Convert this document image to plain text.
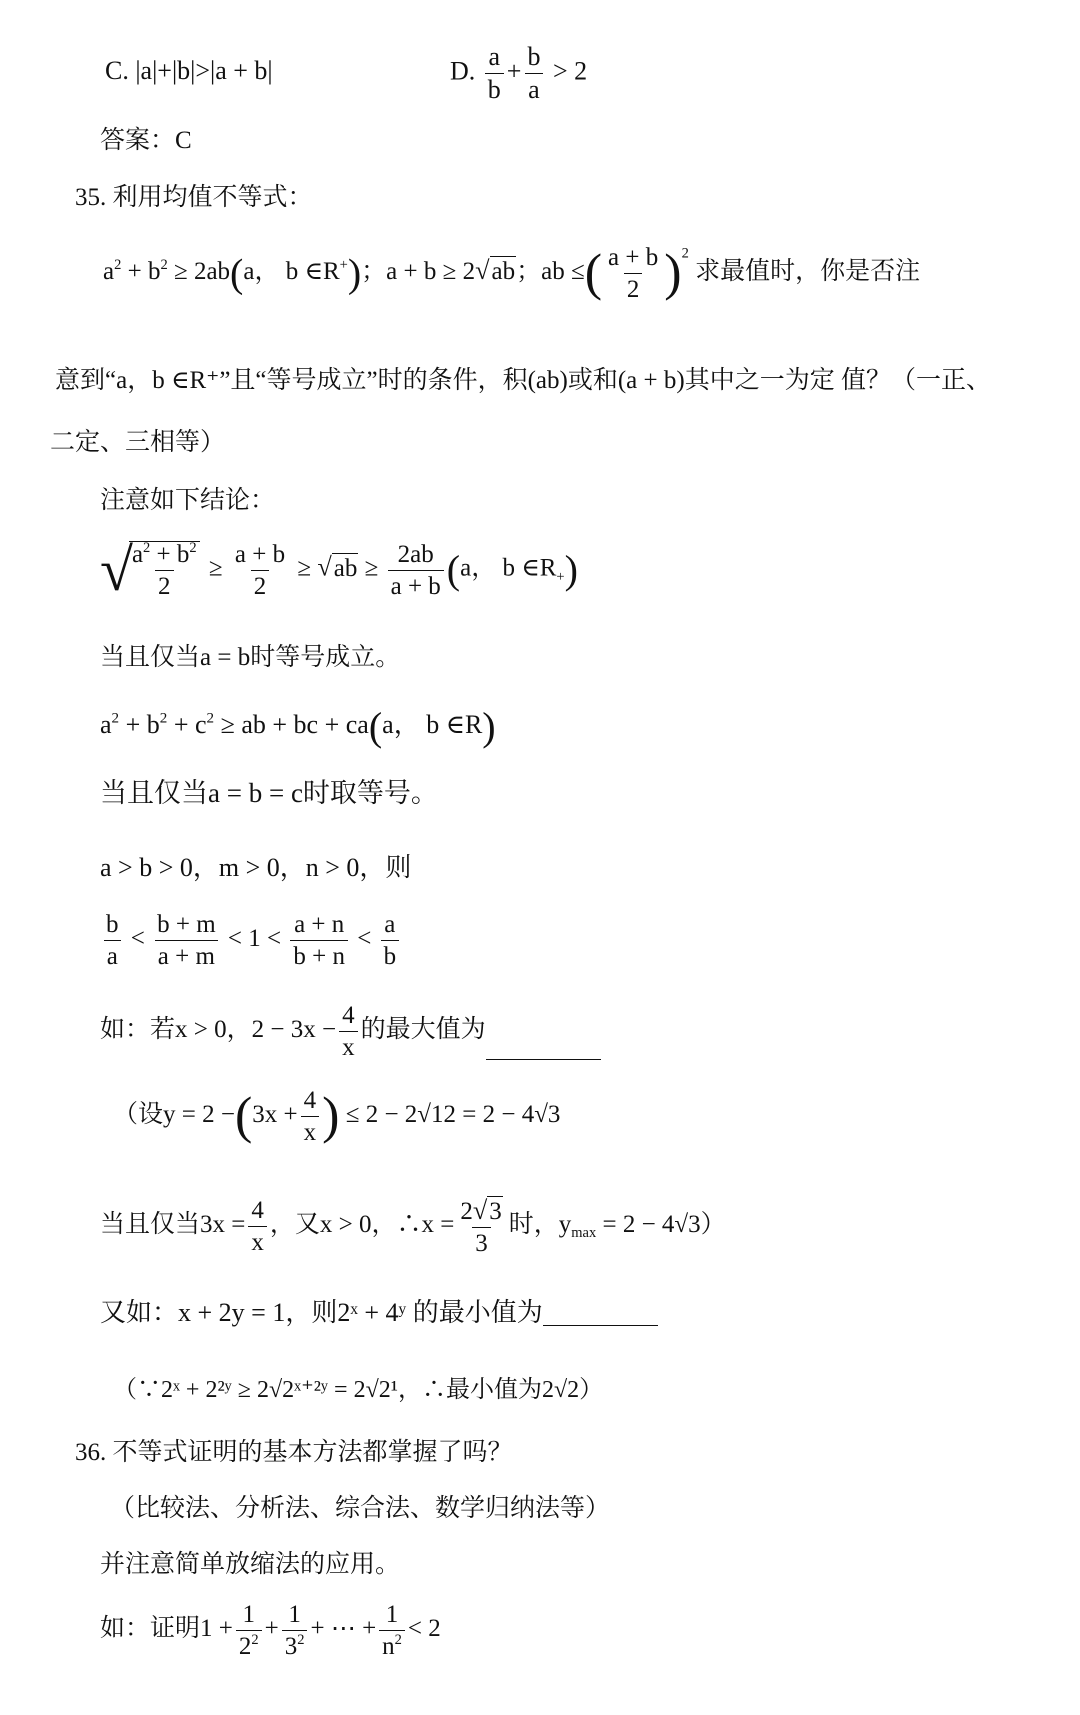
C. |a|+|b|>|a + b|	D. $\frac{a}{b} + \frac{b}{a} > 2$
答案：C
35. 利用均值不等式：
$a^2 + b^2 \ge 2ab(a$， b ∈R+)；a + b ≥ 2√ab；ab ≤( $\frac{a + b}{2} )^2$ 求最值时，你是否注
意到“a，b ∈R⁺”且“等号成立”时的条件，积(ab)或和(a + b)其中之一为定 值？（一正、
二定、三相等）
注意如下结论：
√
$\frac{a^2 + b^2}{2} \ge \frac{a + b}{2} \ge √ab \ge \frac{2ab}{a + b} (a$， b $\in R_+$)
当且仅当a = b时等号成立。
$a^2 + b^2 + c^2$ ≥ ab + bc + ca(a， b ∈R)
当且仅当a = b = c时取等号。
a > b > 0，m > 0，n > 0，则
$\frac{b}{a} < \frac{b + m}{a + m} < 1 < \frac{a + n}{b + n} < \frac{a}{b}$
如：若x > 0，$2 - 3x - \frac{4}{x}$ 的最大值为
（设$y = 2 -(3x + \frac{4}{x}$ ) ≤ 2 − 2√12 = 2 − 4√3
当且仅当$3x = \frac{4}{x}$ ，又x > 0，∴x = $\frac{2√3}{3}$ 时，$y_{max} = 2 - 4√3$）
又如：x + 2y = 1，则2ˣ + 4ʸ 的最小值为
（∵2ˣ + 2²ʸ ≥ 2√2ˣ⁺²ʸ = 2√2¹，∴最小值为2√2）
36. 不等式证明的基本方法都掌握了吗？
（比较法、分析法、综合法、数学归纳法等）
并注意简单放缩法的应用。
如：证明$1 + \frac{1}{2^2} + \frac{1}{3^2}$ + ⋯ + $\frac{1}{n^2} < 2$
